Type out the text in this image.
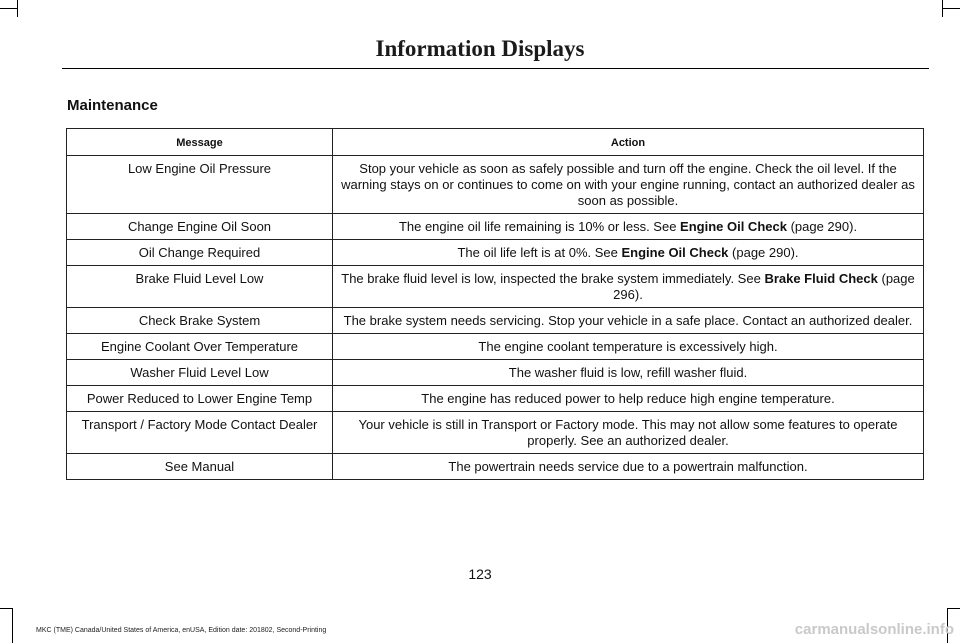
Information Displays
Maintenance
Message	Action
Low Engine Oil Pressure	Stop your vehicle as soon as safely possible and turn off the engine. Check the oil level. If the warning stays on or continues to come on with your engine running, contact an authorized dealer as soon as possible.
Change Engine Oil Soon	The engine oil life remaining is 10% or less. See Engine Oil Check (page 290).
Oil Change Required	The oil life left is at 0%. See Engine Oil Check (page 290).
Brake Fluid Level Low	The brake fluid level is low, inspected the brake system immediately. See Brake Fluid Check (page 296).
Check Brake System	The brake system needs servicing. Stop your vehicle in a safe place. Contact an authorized dealer.
Engine Coolant Over Temperature	The engine coolant temperature is excessively high.
Washer Fluid Level Low	The washer fluid is low, refill washer fluid.
Power Reduced to Lower Engine Temp	The engine has reduced power to help reduce high engine temperature.
Transport / Factory Mode Contact Dealer	Your vehicle is still in Transport or Factory mode. This may not allow some features to operate properly. See an authorized dealer.
See Manual	The powertrain needs service due to a powertrain malfunction.
123
MKC (TME) Canada/United States of America, enUSA, Edition date: 201802, Second-Printing	carmanualsonline.info
